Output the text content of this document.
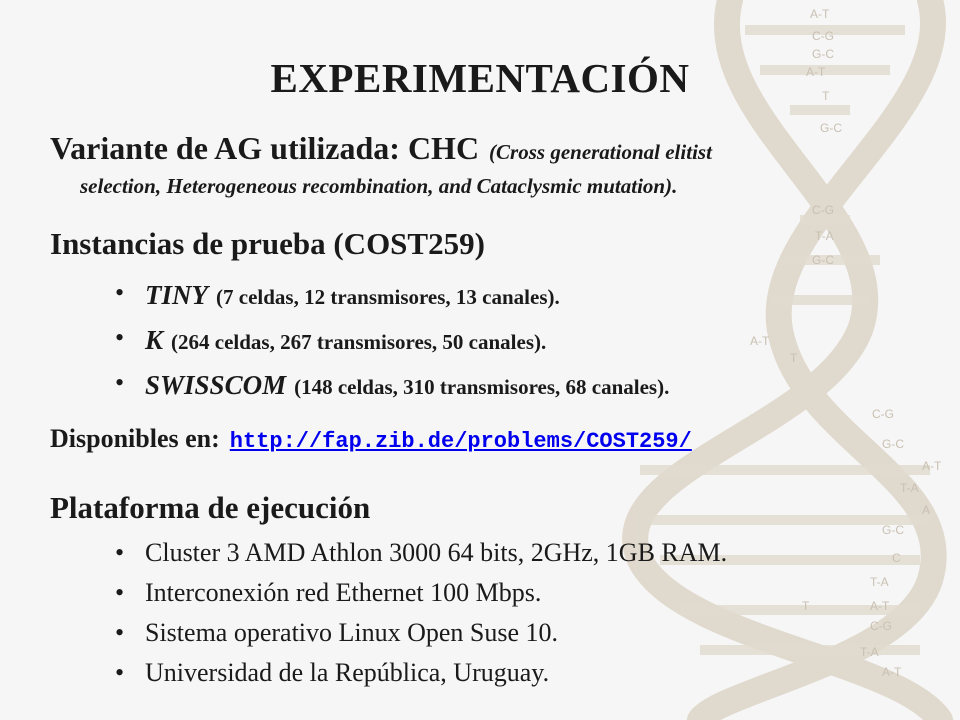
A-T
C-G
G-C
A-T
T
G-C
C-G
T-A
G-C
A-T
T
C-G
G-C
A-T
T-A
A
G-C
C
T-A
A-T
C-G
T
T-A
A-T
EXPERIMENTACIÓN
Variante de AG utilizada: CHC (Cross generational elitist
selection, Heterogeneous recombination, and Cataclysmic mutation).
Instancias de prueba (COST259)
• TINY (7 celdas, 12 transmisores, 13 canales).
• K (264 celdas, 267 transmisores, 50 canales).
• SWISSCOM (148 celdas, 310 transmisores, 68 canales).
Disponibles en: http://fap.zib.de/problems/COST259/
Plataforma de ejecución
• Cluster 3 AMD Athlon 3000 64 bits, 2GHz, 1GB RAM.
• Interconexión red Ethernet 100 Mbps.
• Sistema operativo Linux Open Suse 10.
• Universidad de la República, Uruguay.
